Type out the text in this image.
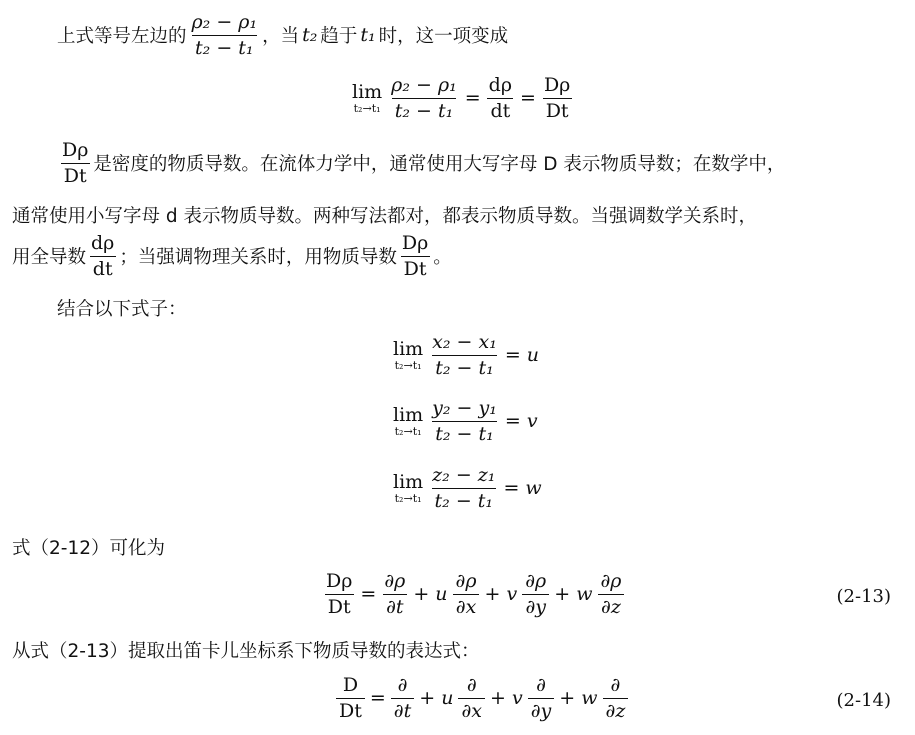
上式等号左边的 $\frac{\text{ρ₂ − ρ₁}}{\text{t₂ − t₁}}$ ，当 t₂ 趋于 t₁ 时，这一项变成
lim
$t_2\to t_1 \frac{\text{ρ₂ − ρ₁}}{\text{t₂ − t₁}} = \frac{d\rho}{dt} = \frac{D\rho}{Dt}$
$\frac{D\rho}{Dt}$ 是密度的物质导数。在流体力学中，通常使用大写字母 D 表示物质导数；在数学中，
通常使用小写字母 d 表示物质导数。两种写法都对，都表示物质导数。当强调数学关系时，
用全导数 $\frac{d\rho}{dt}$ ；当强调物理关系时，用物质导数 $\frac{D\rho}{Dt}$ 。
结合以下式子：
lim
$t_2\to t_1 \frac{\text{x₂ − x₁}}{\text{t₂ − t₁}} = u$
lim
$t_2\to t_1 \frac{\text{y₂ − y₁}}{\text{t₂ − t₁}} = v$
lim
$t_2\to t_1 \frac{\text{z₂ − z₁}}{\text{t₂ − t₁}} = w$
式（2-12）可化为
$\frac{D\rho}{Dt} = \frac{\partial\rho}{\partial t} + u \frac{\partial\rho}{\partial x} + v \frac{\partial\rho}{\partial y} + w \frac{\partial\rho}{\partial z}$	(2-13)
从式（2-13）提取出笛卡儿坐标系下物质导数的表达式：
$\frac{D}{Dt} = \frac{\partial}{\partial t} + u \frac{\partial}{\partial x} + v \frac{\partial}{\partial y} + w \frac{\partial}{\partial z}$	(2-14)
